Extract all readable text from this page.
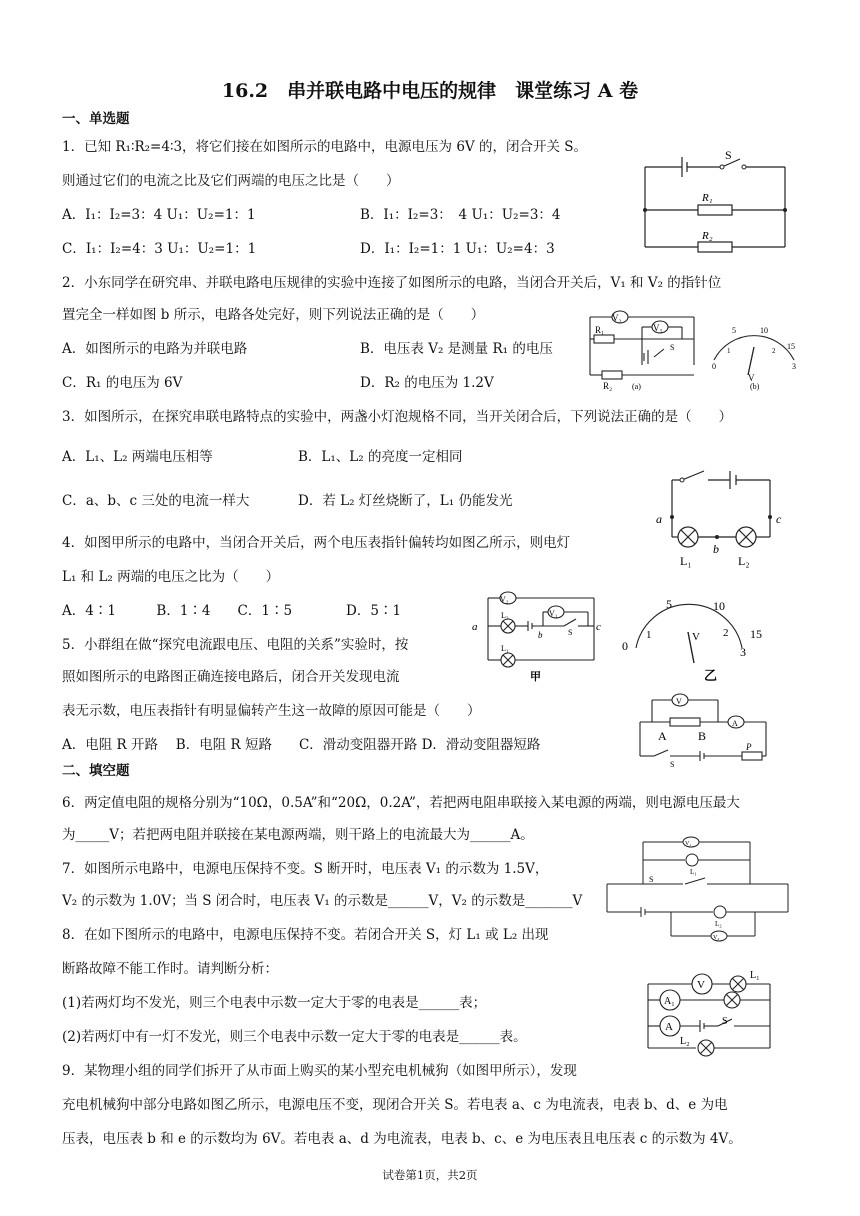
16.2　串并联电路中电压的规律　课堂练习 A 卷
一、单选题
1．已知 R₁∶R₂=4∶3，将它们接在如图所示的电路中，电源电压为 6V 的，闭合开关 S。
则通过它们的电流之比及它们两端的电压之比是（　　）
A．I₁：I₂=3：4 U₁：U₂=1：1	B．I₁：I₂=3：　4 U₁：U₂=3：4
C．I₁：I₂=4：3 U₁：U₂=1：1	D．I₁：I₂=1：1 U₁：U₂=4：3
S
R₁
R₂
2．小东同学在研究串、并联电路电压规律的实验中连接了如图所示的电路，当闭合开关后，V₁ 和 V₂ 的指针位
置完全一样如图 b 所示，电路各处完好，则下列说法正确的是（　　）
A．如图所示的电路为并联电路	B．电压表 V₂ 是测量 R₁ 的电压
C．R₁ 的电压为 6V	D．R₂ 的电压为 1.2V
V₂
V₁
R₁
R₂
S
(a)	(b)
5	10
15
0
1	2
3
V
3．如图所示，在探究串联电路特点的实验中，两盏小灯泡规格不同，当开关闭合后，下列说法正确的是（　　）
A．L₁、L₂ 两端电压相等	B．L₁、L₂ 的亮度一定相同
C．a、b、c 三处的电流一样大	D．若 L₂ 灯丝烧断了，L₁ 仍能发光
a
b
c
L₁	L₂
4．如图甲所示的电路中，当闭合开关后，两个电压表指针偏转均如图乙所示，则电灯
L₁ 和 L₂ 两端的电压之比为（　　）
A．4∶1　　　B．1∶4　　C．1∶5　　　　D．5∶1
V₂
V₁
L₂
L₁
a
b
c
S
甲	乙
5	10
15
0
1	2
3
V
5．小群组在做“探究电流跟电压、电阻的关系”实验时，按
照如图所示的电路图正确连接电路后，闭合开关发现电流
表无示数，电压表指针有明显偏转产生这一故障的原因可能是（　　）
A．电阻 R 开路　 B．电阻 R 短路　　C．滑动变阻器开路 D．滑动变阻器短路
V
A
A	B
S
P
二、填空题
6．两定值电阻的规格分别为“10Ω，0.5A”和“20Ω，0.2A”，若把两电阻串联接入某电源的两端，则电源电压最大
为_____V；若把两电阻并联接在某电源两端，则干路上的电流最大为______A。
7．如图所示电路中，电源电压保持不变。S 断开时，电压表 V₁ 的示数为 1.5V，
V₂ 的示数为 1.0V；当 S 闭合时，电压表 V₁ 的示数是______V，V₂ 的示数是_______V
V₁
L₁
S
L₂
V₂
8．在如下图所示的电路中，电源电压保持不变。若闭合开关 S，灯 L₁ 或 L₂ 出现
断路故障不能工作时。请判断分析：
(1)若两灯均不发光，则三个电表中示数一定大于零的电表是______表；
(2)若两灯中有一灯不发光，则三个电表中示数一定大于零的电表是______表。
V
L₁
A₁
A	S
L₂
9．某物理小组的同学们拆开了从市面上购买的某小型充电机械狗（如图甲所示），发现
充电机械狗中部分电路如图乙所示，电源电压不变，现闭合开关 S。若电表 a、c 为电流表，电表 b、d、e 为电
压表，电压表 b 和 e 的示数均为 6V。若电表 a、d 为电流表，电表 b、c、e 为电压表且电压表 c 的示数为 4V。
试卷第1页，共2页
